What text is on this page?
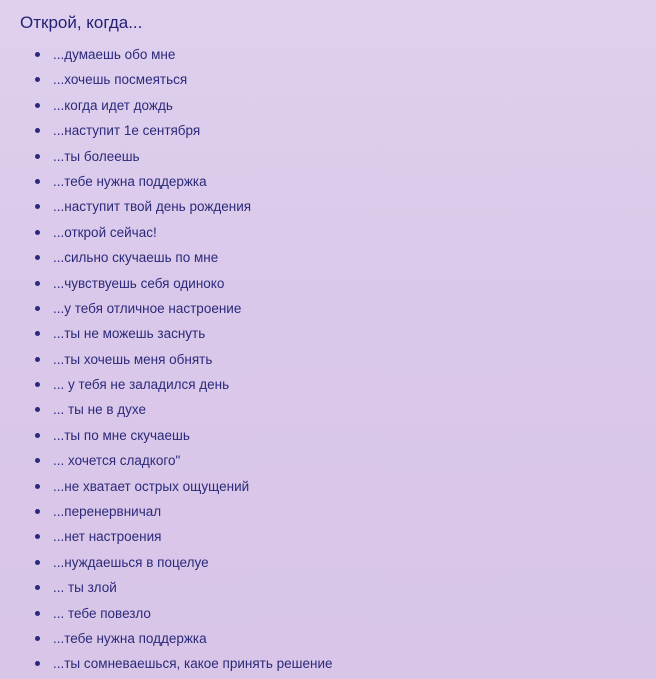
Открой, когда...
...думаешь обо мне
...хочешь посмеяться
...когда идет дождь
...наступит 1е сентября
...ты болеешь
...тебе нужна поддержка
...наступит твой день рождения
...открой сейчас!
...сильно скучаешь по мне
...чувствуешь себя одиноко
...у тебя отличное настроение
...ты не можешь заснуть
...ты хочешь меня обнять
... у тебя не заладился день
... ты не в духе
...ты по мне скучаешь
... хочется сладкого"
...не хватает острых ощущений
...перенервничал
...нет настроения
...нуждаешься в поцелуе
... ты злой
... тебе повезло
...тебе нужна поддержка
...ты сомневаешься, какое принять решение
